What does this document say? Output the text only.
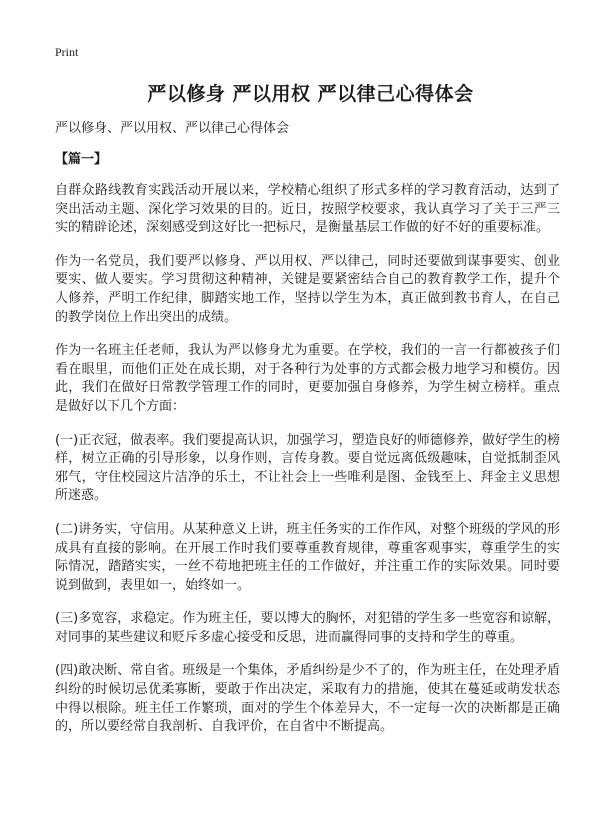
Print
严以修身 严以用权 严以律己心得体会
严以修身、严以用权、严以律己心得体会
【篇一】

自群众路线教育实践活动开展以来，学校精心组织了形式多样的学习教育活动，达到了突出活动主题、深化学习效果的目的。近日，按照学校要求，我认真学习了关于三严三实的精辟论述，深刻感受到这好比一把标尺，是衡量基层工作做的好不好的重要标准。

作为一名党员，我们要严以修身、严以用权、严以律己，同时还要做到谋事要实、创业要实、做人要实。学习贯彻这种精神，关键是要紧密结合自己的教育教学工作，提升个人修养，严明工作纪律，脚踏实地工作，坚持以学生为本，真正做到教书育人，在自己的教学岗位上作出突出的成绩。

作为一名班主任老师，我认为严以修身尤为重要。在学校，我们的一言一行都被孩子们看在眼里，而他们正处在成长期，对于各种行为处事的方式都会极力地学习和模仿。因此，我们在做好日常教学管理工作的同时，更要加强自身修养，为学生树立榜样。重点是做好以下几个方面：

(一)正衣冠，做表率。我们要提高认识，加强学习，塑造良好的师德修养，做好学生的榜样，树立正确的引导形象，以身作则，言传身教。要自觉远离低级趣味，自觉抵制歪风邪气，守住校园这片洁净的乐土，不让社会上一些唯利是图、金钱至上、拜金主义思想所迷惑。

(二)讲务实，守信用。从某种意义上讲，班主任务实的工作作风，对整个班级的学风的形成具有直接的影响。在开展工作时我们要尊重教育规律，尊重客观事实，尊重学生的实际情况，踏踏实实，一丝不苟地把班主任的工作做好，并注重工作的实际效果。同时要说到做到，表里如一，始终如一。

(三)多宽容，求稳定。作为班主任，要以博大的胸怀，对犯错的学生多一些宽容和谅解，对同事的某些建议和贬斥多虚心接受和反思，进而赢得同事的支持和学生的尊重。

(四)敢决断、常自省。班级是一个集体，矛盾纠纷是少不了的，作为班主任，在处理矛盾纠纷的时候切忌优柔寡断，要敢于作出决定，采取有力的措施，使其在蔓延或萌发状态中得以根除。班主任工作繁琐，面对的学生个体差异大，不一定每一次的决断都是正确的，所以要经常自我剖析、自我评价，在自省中不断提高。
